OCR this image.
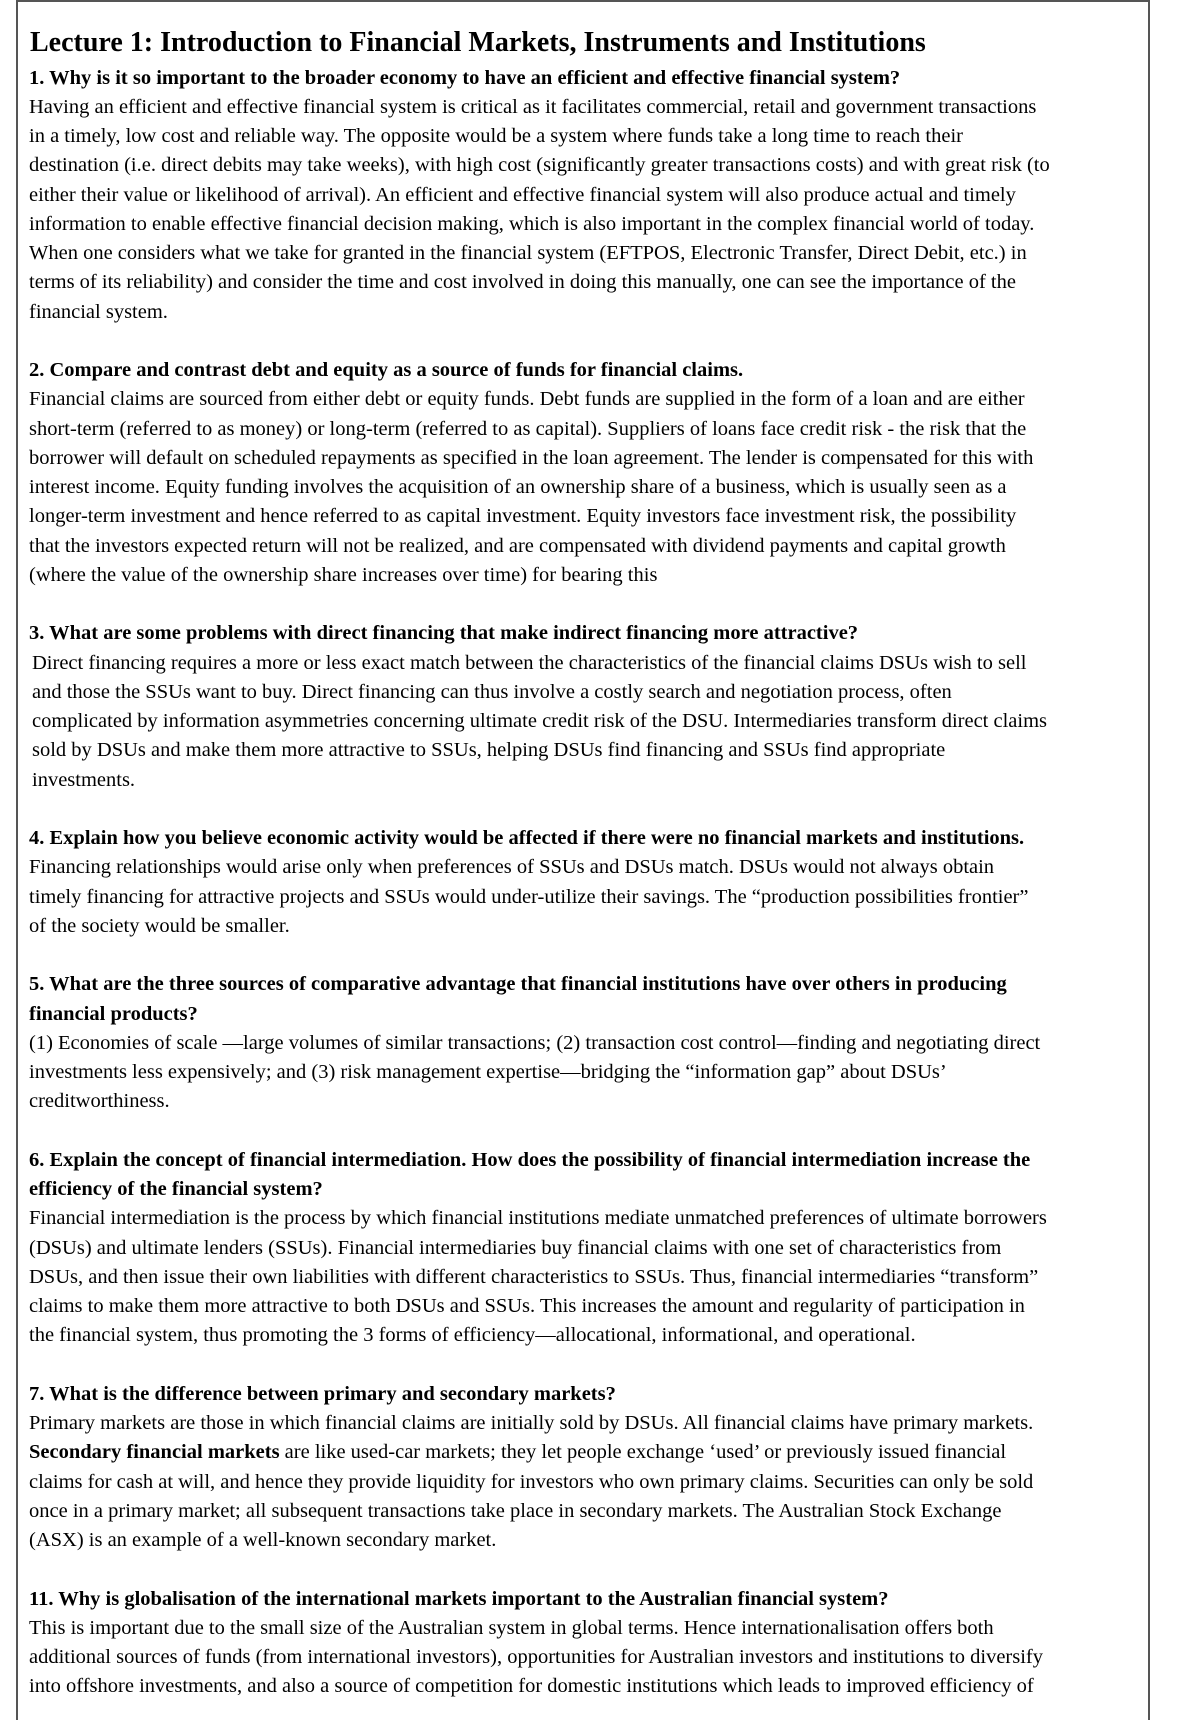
Lecture 1: Introduction to Financial Markets, Instruments and Institutions
1. Why is it so important to the broader economy to have an efficient and effective financial system?
Having an efficient and effective financial system is critical as it facilitates commercial, retail and government transactions
in a timely, low cost and reliable way. The opposite would be a system where funds take a long time to reach their
destination (i.e. direct debits may take weeks), with high cost (significantly greater transactions costs) and with great risk (to
either their value or likelihood of arrival). An efficient and effective financial system will also produce actual and timely
information to enable effective financial decision making, which is also important in the complex financial world of today.
When one considers what we take for granted in the financial system (EFTPOS, Electronic Transfer, Direct Debit, etc.) in
terms of its reliability) and consider the time and cost involved in doing this manually, one can see the importance of the
financial system.
2. Compare and contrast debt and equity as a source of funds for financial claims.
Financial claims are sourced from either debt or equity funds. Debt funds are supplied in the form of a loan and are either
short-term (referred to as money) or long-term (referred to as capital). Suppliers of loans face credit risk - the risk that the
borrower will default on scheduled repayments as specified in the loan agreement. The lender is compensated for this with
interest income. Equity funding involves the acquisition of an ownership share of a business, which is usually seen as a
longer-term investment and hence referred to as capital investment. Equity investors face investment risk, the possibility
that the investors expected return will not be realized, and are compensated with dividend payments and capital growth
(where the value of the ownership share increases over time) for bearing this
3. What are some problems with direct financing that make indirect financing more attractive?
Direct financing requires a more or less exact match between the characteristics of the financial claims DSUs wish to sell
and those the SSUs want to buy. Direct financing can thus involve a costly search and negotiation process, often
complicated by information asymmetries concerning ultimate credit risk of the DSU. Intermediaries transform direct claims
sold by DSUs and make them more attractive to SSUs, helping DSUs find financing and SSUs find appropriate
investments.
4. Explain how you believe economic activity would be affected if there were no financial markets and institutions.
Financing relationships would arise only when preferences of SSUs and DSUs match. DSUs would not always obtain
timely financing for attractive projects and SSUs would under-utilize their savings. The “production possibilities frontier”
of the society would be smaller.
5. What are the three sources of comparative advantage that financial institutions have over others in producing
financial products?
(1) Economies of scale —large volumes of similar transactions; (2) transaction cost control—finding and negotiating direct
investments less expensively; and (3) risk management expertise—bridging the “information gap” about DSUs’
creditworthiness.
6. Explain the concept of financial intermediation. How does the possibility of financial intermediation increase the
efficiency of the financial system?
Financial intermediation is the process by which financial institutions mediate unmatched preferences of ultimate borrowers
(DSUs) and ultimate lenders (SSUs). Financial intermediaries buy financial claims with one set of characteristics from
DSUs, and then issue their own liabilities with different characteristics to SSUs. Thus, financial intermediaries “transform”
claims to make them more attractive to both DSUs and SSUs. This increases the amount and regularity of participation in
the financial system, thus promoting the 3 forms of efficiency—allocational, informational, and operational.
7. What is the difference between primary and secondary markets?
Primary markets are those in which financial claims are initially sold by DSUs. All financial claims have primary markets.
Secondary financial markets are like used-car markets; they let people exchange ‘used’ or previously issued financial
claims for cash at will, and hence they provide liquidity for investors who own primary claims. Securities can only be sold
once in a primary market; all subsequent transactions take place in secondary markets. The Australian Stock Exchange
(ASX) is an example of a well-known secondary market.
11. Why is globalisation of the international markets important to the Australian financial system?
This is important due to the small size of the Australian system in global terms. Hence internationalisation offers both
additional sources of funds (from international investors), opportunities for Australian investors and institutions to diversify
into offshore investments, and also a source of competition for domestic institutions which leads to improved efficiency of
